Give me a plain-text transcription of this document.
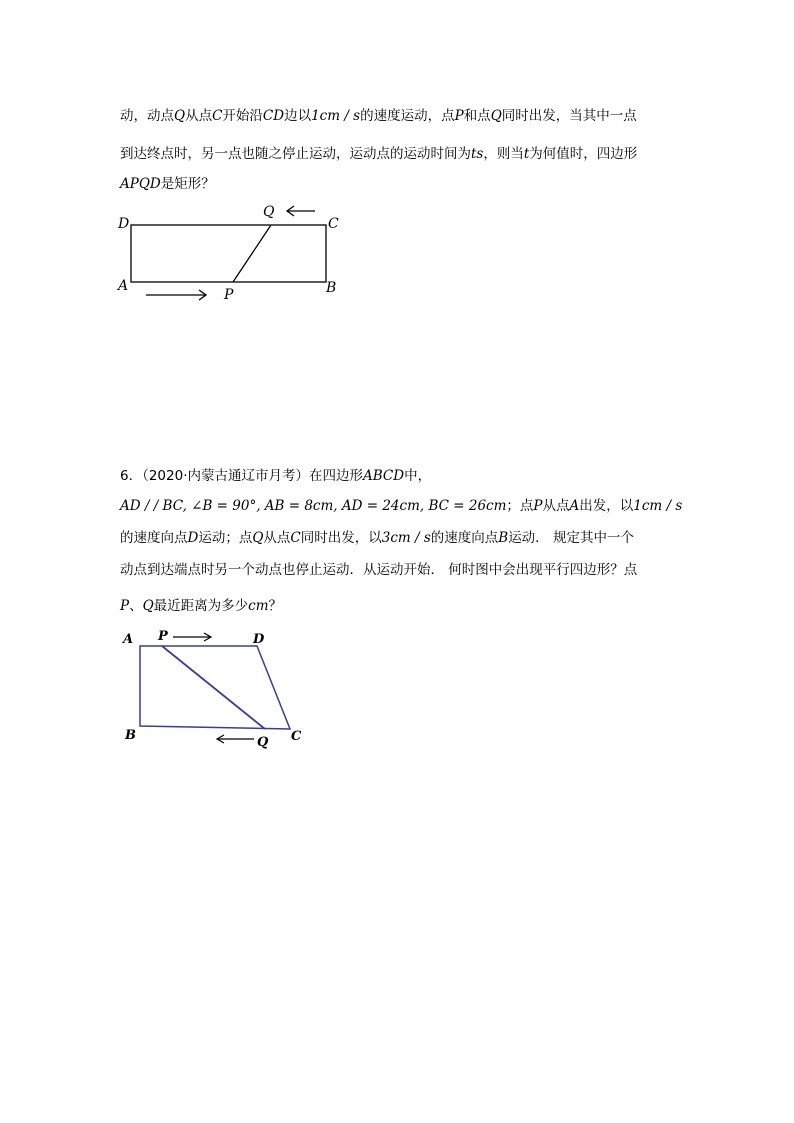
动，动点Q从点C开始沿CD边以1cm / s的速度运动，点P和点Q同时出发，当其中一点
到达终点时，另一点也随之停止运动，运动点的运动时间为ts，则当t为何值时，四边形
APQD是矩形？
D	C
A	B
Q
P
6．（2020·内蒙古通辽市月考）在四边形ABCD中，
AD / / BC, ∠B = 90°, AB = 8cm, AD = 24cm, BC = 26cm；点P从点A出发，以1cm / s
的速度向点D运动；点Q从点C同时出发，以3cm / s的速度向点B运动． 规定其中一个
动点到达端点时另一个动点也停止运动．从运动开始． 何时图中会出现平行四边形？点
P、Q最近距离为多少cm？
A P	D
B	Q C
